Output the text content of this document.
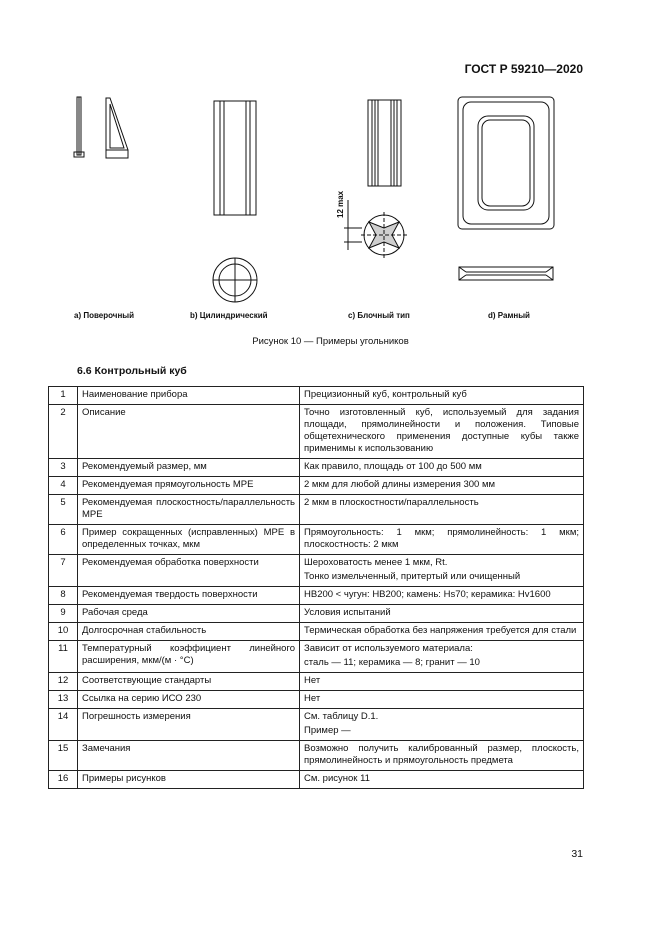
ГОСТ Р 59210—2020
12 max
a) Поверочный	b) Цилиндрический	c) Блочный тип	d) Рамный
Рисунок 10 — Примеры угольников
6.6 Контрольный куб
1	Наименование прибора	Прецизионный куб, контрольный куб

2	Описание	Точно изготовленный куб, используемый для задания площади, прямолинейности и положения. Типовые общетехнического применения доступные кубы также применимы к использованию

3	Рекомендуемый размер, мм	Как правило, площадь от 100 до 500 мм

4	Рекомендуемая прямоугольность MPE	2 мкм для любой длины измерения 300 мм

5	Рекомендуемая плоскостность/параллельность MPE	2 мкм в плоскостности/параллельность

6	Пример сокращенных (исправленных) MPE в определенных точках, мкм	Прямоугольность: 1 мкм; прямолинейность: 1 мкм; плоскостность: 2 мкм

7	Рекомендуемая обработка поверхности	Шероховатость менее 1 мкм, Rt.

Тонко измельченный, притертый или очищенный

8	Рекомендуемая твердость поверхности	HB200 < чугун: HB200; камень: Hs70; керамика: Hv1600

9	Рабочая среда	Условия испытаний

10	Долгосрочная стабильность	Термическая обработка без напряжения требуется для стали

11	Температурный коэффициент линейного расширения, мкм/(м · °C)	Зависит от используемого материала:

сталь — 11; керамика — 8; гранит — 10

12	Соответствующие стандарты	Нет

13	Ссылка на серию ИСО 230	Нет

14	Погрешность измерения	См. таблицу D.1.

Пример —

15	Замечания	Возможно получить калиброванный размер, плоскость, прямолинейность и прямоугольность предмета

16	Примеры рисунков	См. рисунок 11

31
